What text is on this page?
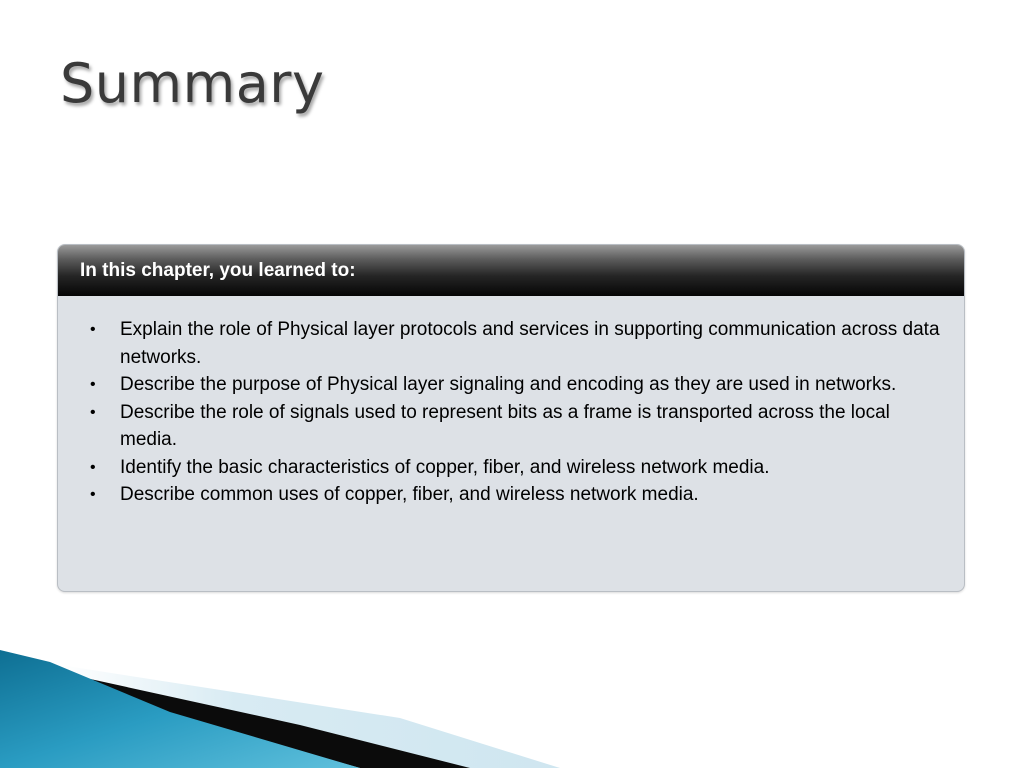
Summary
In this chapter, you learned to:
• Explain the role of Physical layer protocols and services in supporting communication across data networks.
• Describe the purpose of Physical layer signaling and encoding as they are used in networks.
• Describe the role of signals used to represent bits as a frame is transported across the local media.
• Identify the basic characteristics of copper, fiber, and wireless network media.
• Describe common uses of copper, fiber, and wireless network media.
